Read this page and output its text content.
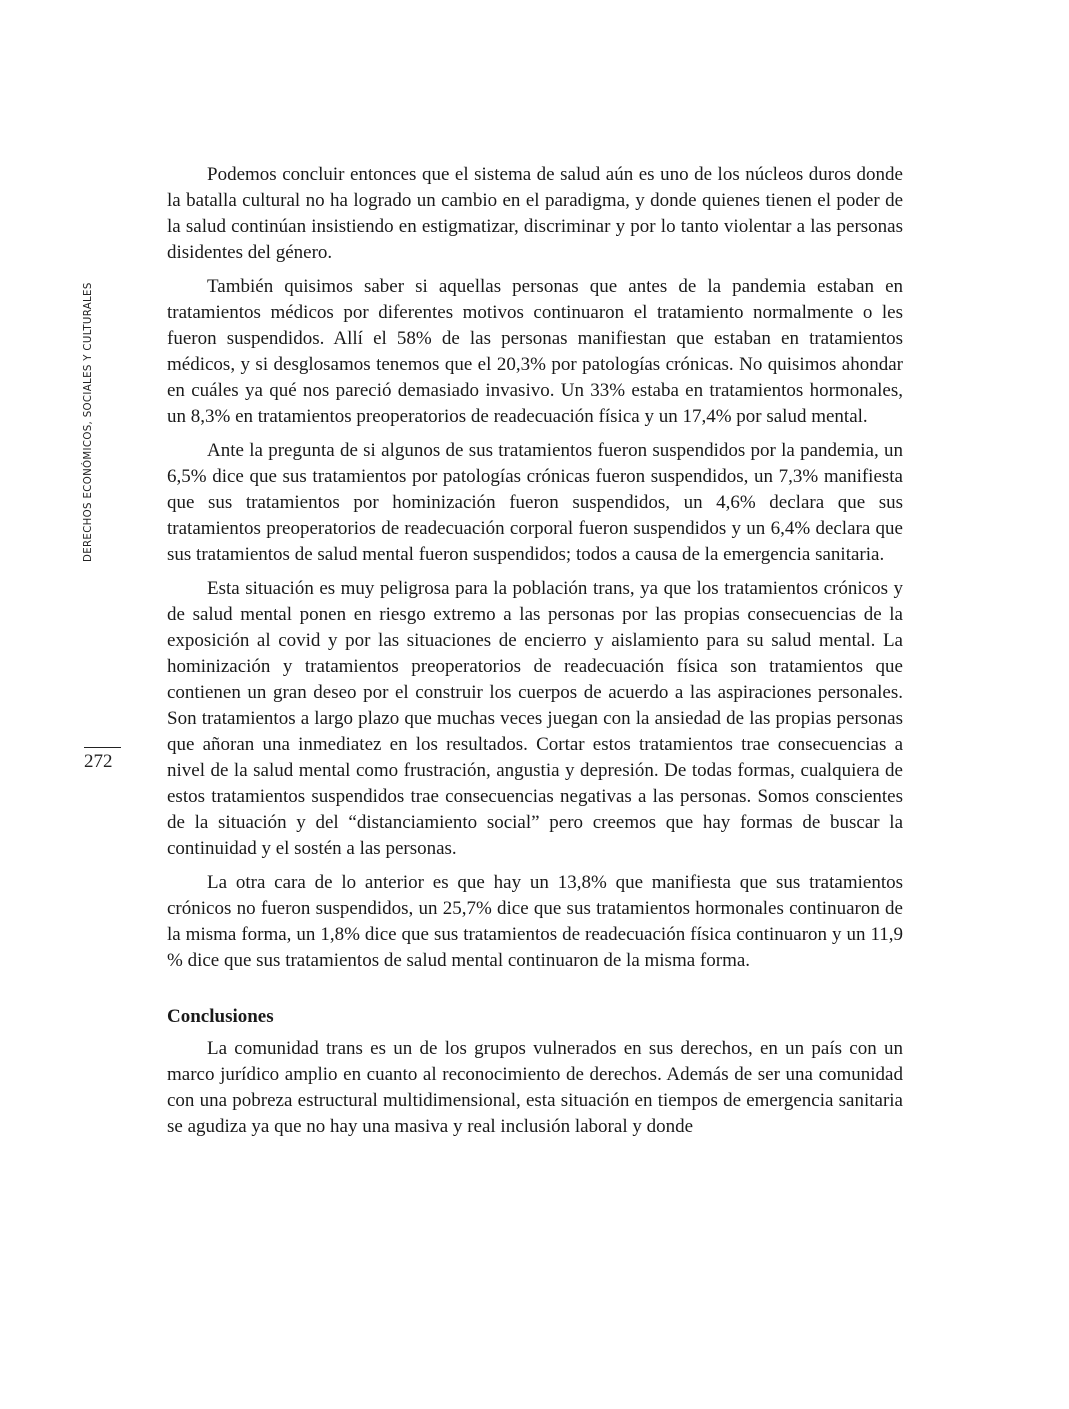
DERECHOS ECONÓMICOS, SOCIALES Y CULTURALES
272

Podemos concluir entonces que el sistema de salud aún es uno de los núcleos duros donde la batalla cultural no ha logrado un cambio en el paradigma, y donde quienes tienen el poder de la salud continúan insistiendo en estigmatizar, discriminar y por lo tanto violentar a las personas disidentes del género.

También quisimos saber si aquellas personas que antes de la pandemia estaban en tratamientos médicos por diferentes motivos continuaron el tratamiento normalmente o les fueron suspendidos. Allí el 58% de las personas manifiestan que estaban en tratamientos médicos, y si desglosamos tenemos que el 20,3% por patologías crónicas. No quisimos ahondar en cuáles ya qué nos pareció demasiado invasivo. Un 33% estaba en tratamientos hormonales, un 8,3% en tratamientos preoperatorios de readecuación física y un 17,4% por salud mental.

Ante la pregunta de si algunos de sus tratamientos fueron suspendidos por la pandemia, un 6,5% dice que sus tratamientos por patologías crónicas fueron suspendidos, un 7,3% manifiesta que sus tratamientos por hominización fueron suspendidos, un 4,6% declara que sus tratamientos preoperatorios de readecuación corporal fueron suspendidos y un 6,4% declara que sus tratamientos de salud mental fueron suspendidos; todos a causa de la emergencia sanitaria.

Esta situación es muy peligrosa para la población trans, ya que los tratamientos crónicos y de salud mental ponen en riesgo extremo a las personas por las propias consecuencias de la exposición al covid y por las situaciones de encierro y aislamiento para su salud mental. La hominización y tratamientos preoperatorios de readecuación física son tratamientos que contienen un gran deseo por el construir los cuerpos de acuerdo a las aspiraciones personales. Son tratamientos a largo plazo que muchas veces juegan con la ansiedad de las propias personas que añoran una inmediatez en los resultados. Cortar estos tratamientos trae consecuencias a nivel de la salud mental como frustración, angustia y depresión. De todas formas, cualquiera de estos tratamientos suspendidos trae consecuencias negativas a las personas. Somos conscientes de la situación y del “distanciamiento social” pero creemos que hay formas de buscar la continuidad y el sostén a las personas.

La otra cara de lo anterior es que hay un 13,8% que manifiesta que sus tratamientos crónicos no fueron suspendidos, un 25,7% dice que sus tratamientos hormonales continuaron de la misma forma, un 1,8% dice que sus tratamientos de readecuación física continuaron y un 11,9 % dice que sus tratamientos de salud mental continuaron de la misma forma.

Conclusiones

La comunidad trans es un de los grupos vulnerados en sus derechos, en un país con un marco jurídico amplio en cuanto al reconocimiento de derechos. Además de ser una comunidad con una pobreza estructural multidimensional, esta situación en tiempos de emergencia sanitaria se agudiza ya que no hay una masiva y real inclusión laboral y donde
